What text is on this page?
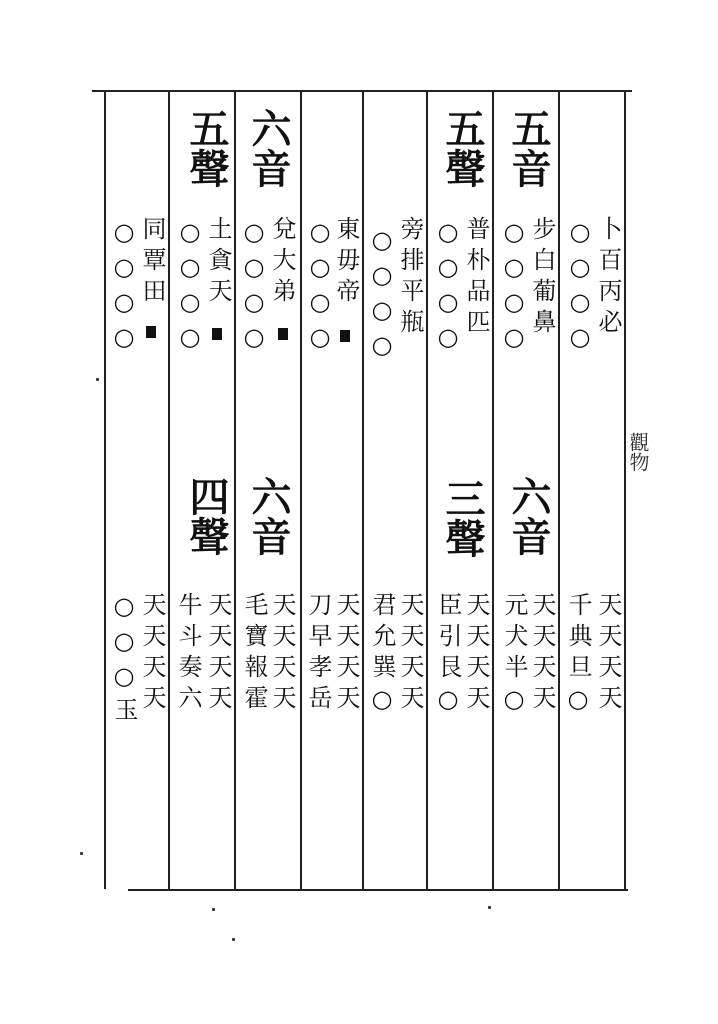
五聲 六音	五聲 五音
○○○○ 同覃田 ○○○○ 土貪天 ○○○○ 兌大弟 ○○○○
東毋帝 ○○○○ 旁排平瓶 ○○○○ 普朴品匹 ○○○○ 步白葡鼻 ○○○○ 卜百丙必
四聲 六音	三聲 六音
○○○玉 天天天天 牛斗奏六 天天天天 毛寶報霍 天天天天 刀早孝岳 天天天天 君允巽○ 天天天天 臣引艮○ 天天天天 元犬半○ 天天天天 千典旦○ 天天天天
觀物
